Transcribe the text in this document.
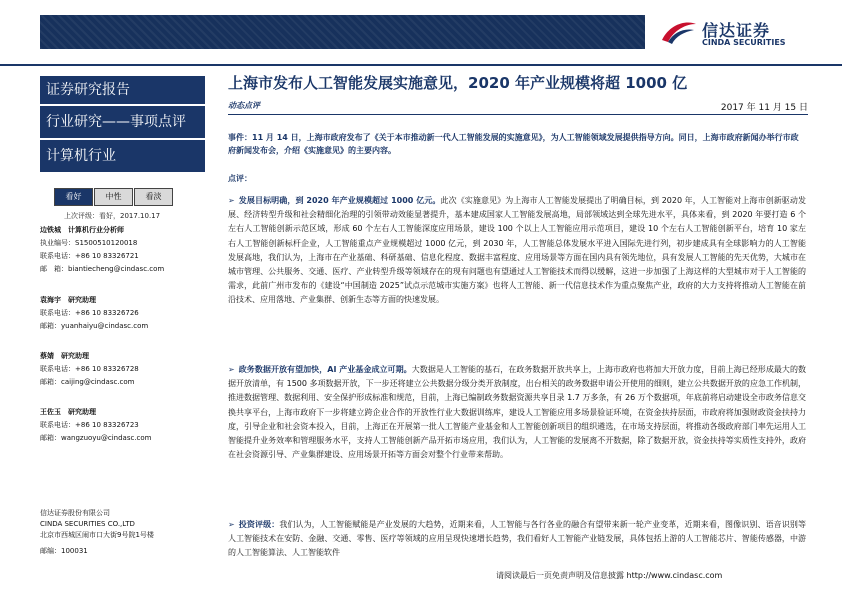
信达证券
CINDA SECURITIES
证券研究报告
行业研究——事项点评
计算机行业
看好	中性	看淡
上次评级：看好，2017.10.17
边铁城　计算机行业分析师
执业编号：S1500510120018
联系电话：+86 10 83326721
邮　箱：biantiecheng@cindasc.com
袁海宇　研究助理
联系电话：+86 10 83326726
邮箱：yuanhaiyu@cindasc.com
蔡婧　研究助理
联系电话：+86 10 83326728
邮箱：caijing@cindasc.com
王佐玉　研究助理
联系电话：+86 10 83326723
邮箱：wangzuoyu@cindasc.com
信达证券股份有限公司
CINDA SECURITIES CO.,LTD
北京市西城区闹市口大街9号院1号楼
邮编：100031
上海市发布人工智能发展实施意见，2020 年产业规模将超 1000 亿
动态点评	2017 年 11 月 15 日
事件：11 月 14 日，上海市政府发布了《关于本市推动新一代人工智能发展的实施意见》，为人工智能领域发展提供指导方向。同日，上海市政府新闻办举行市政府新闻发布会，介绍《实施意见》的主要内容。
点评：
➢ 发展目标明确，到 2020 年产业规模超过 1000 亿元。此次《实施意见》为上海市人工智能发展提出了明确目标，到 2020 年，人工智能对上海市创新驱动发展、经济转型升级和社会精细化治理的引领带动效能显著提升，基本建成国家人工智能发展高地，局部领域达到全球先进水平，具体来看，到 2020 年要打造 6 个左右人工智能创新示范区域，形成 60 个左右人工智能深度应用场景，建设 100 个以上人工智能应用示范项目，建设 10 个左右人工智能创新平台，培育 10 家左右人工智能创新标杆企业，人工智能重点产业规模超过 1000 亿元，到 2030 年，人工智能总体发展水平进入国际先进行列，初步建成具有全球影响力的人工智能发展高地，我们认为，上海市在产业基础、科研基础、信息化程度、数据丰富程度、应用场景等方面在国内具有领先地位，具有发展人工智能的先天优势，大城市在城市管理、公共服务、交通、医疗、产业转型升级等领域存在的现有问题也有望通过人工智能技术而得以缓解，这进一步加强了上海这样的大型城市对于人工智能的需求，此前广州市发布的《建设“中国制造 2025”试点示范城市实施方案》也将人工智能、新一代信息技术作为重点聚焦产业，政府的大力支持将推动人工智能在前沿技术、应用落地、产业集群、创新生态等方面的快速发展。
➢ 政务数据开放有望加快，AI 产业基金成立可期。大数据是人工智能的基石，在政务数据开放共享上，上海市政府也将加大开放力度，目前上海已经形成最大的数据开放清单，有 1500 多项数据开放，下一步还将建立公共数据分级分类开放制度，出台相关的政务数据申请公开使用的细则，建立公共数据开放的应急工作机制，推进数据管理、数据利用、安全保护形成标准和规范，目前，上海已编制政务数据资源共享目录 1.7 万多条，有 26 万个数据项，年底前将启动建设全市政务信息交换共享平台，上海市政府下一步将建立跨企业合作的开放性行业大数据训练库，建设人工智能应用多场景验证环境，在资金扶持层面，市政府将加强财政资金扶持力度，引导企业和社会资本投入，目前，上海正在开展第一批人工智能产业基金和人工智能创新项目的组织遴选，在市场支持层面，将推动各级政府部门率先运用人工智能提升业务效率和管理服务水平，支持人工智能创新产品开拓市场应用，我们认为，人工智能的发展离不开数据，除了数据开放，资金扶持等实质性支持外，政府在社会资源引导、产业集群建设、应用场景开拓等方面会对整个行业带来帮助。
➢ 投资评级：我们认为，人工智能赋能是产业发展的大趋势，近期来看，人工智能与各行各业的融合有望带来新一轮产业变革，近期来看，图像识别、语音识别等人工智能技术在安防、金融、交通、零售、医疗等领域的应用呈现快速增长趋势，我们看好人工智能产业链发展，具体包括上游的人工智能芯片、智能传感器，中游的人工智能算法、人工智能软件
请阅读最后一页免责声明及信息披露 http://www.cindasc.com
